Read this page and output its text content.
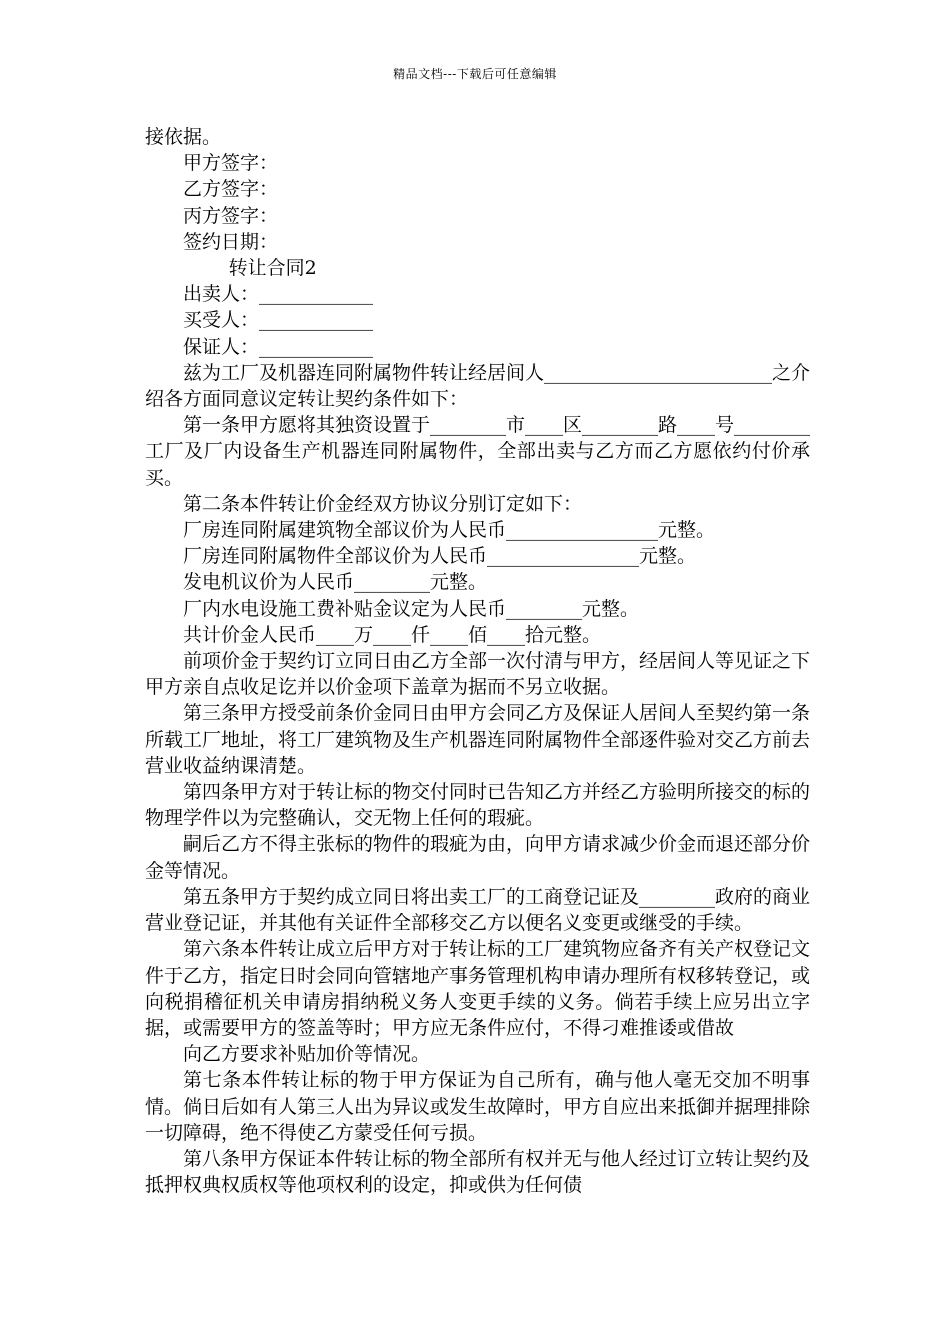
精品文档---下载后可任意编辑

接依据。

甲方签字：

乙方签字：

丙方签字：

签约日期：

转让合同2

出卖人：____________

买受人：____________

保证人：____________

兹为工厂及机器连同附属物件转让经居间人________________________之介绍各方面同意议定转让契约条件如下：

第一条甲方愿将其独资设置于________市____区________路____号________工厂及厂内设备生产机器连同附属物件，全部出卖与乙方而乙方愿依约付价承买。

第二条本件转让价金经双方协议分别订定如下：

厂房连同附属建筑物全部议价为人民币________________元整。

厂房连同附属物件全部议价为人民币________________元整。

发电机议价为人民币________元整。

厂内水电设施工费补贴金议定为人民币________元整。

共计价金人民币____万____仟____佰____拾元整。

前项价金于契约订立同日由乙方全部一次付清与甲方，经居间人等见证之下甲方亲自点收足讫并以价金项下盖章为据而不另立收据。

第三条甲方授受前条价金同日由甲方会同乙方及保证人居间人至契约第一条所载工厂地址，将工厂建筑物及生产机器连同附属物件全部逐件验对交乙方前去营业收益纳课清楚。

第四条甲方对于转让标的物交付同时已告知乙方并经乙方验明所接交的标的物理学件以为完整确认，交无物上任何的瑕疵。

嗣后乙方不得主张标的物件的瑕疵为由，向甲方请求减少价金而退还部分价金等情况。

第五条甲方于契约成立同日将出卖工厂的工商登记证及________政府的商业营业登记证，并其他有关证件全部移交乙方以便名义变更或继受的手续。

第六条本件转让成立后甲方对于转让标的工厂建筑物应备齐有关产权登记文件于乙方，指定日时会同向管辖地产事务管理机构申请办理所有权移转登记，或向税捐稽征机关申请房捐纳税义务人变更手续的义务。倘若手续上应另出立字据，或需要甲方的签盖等时；甲方应无条件应付，不得刁难推诿或借故

向乙方要求补贴加价等情况。

第七条本件转让标的物于甲方保证为自己所有，确与他人毫无交加不明事情。倘日后如有人第三人出为异议或发生故障时，甲方自应出来抵御并据理排除一切障碍，绝不得使乙方蒙受任何亏损。

第八条甲方保证本件转让标的物全部所有权并无与他人经过订立转让契约及抵押权典权质权等他项权利的设定，抑或供为任何债
